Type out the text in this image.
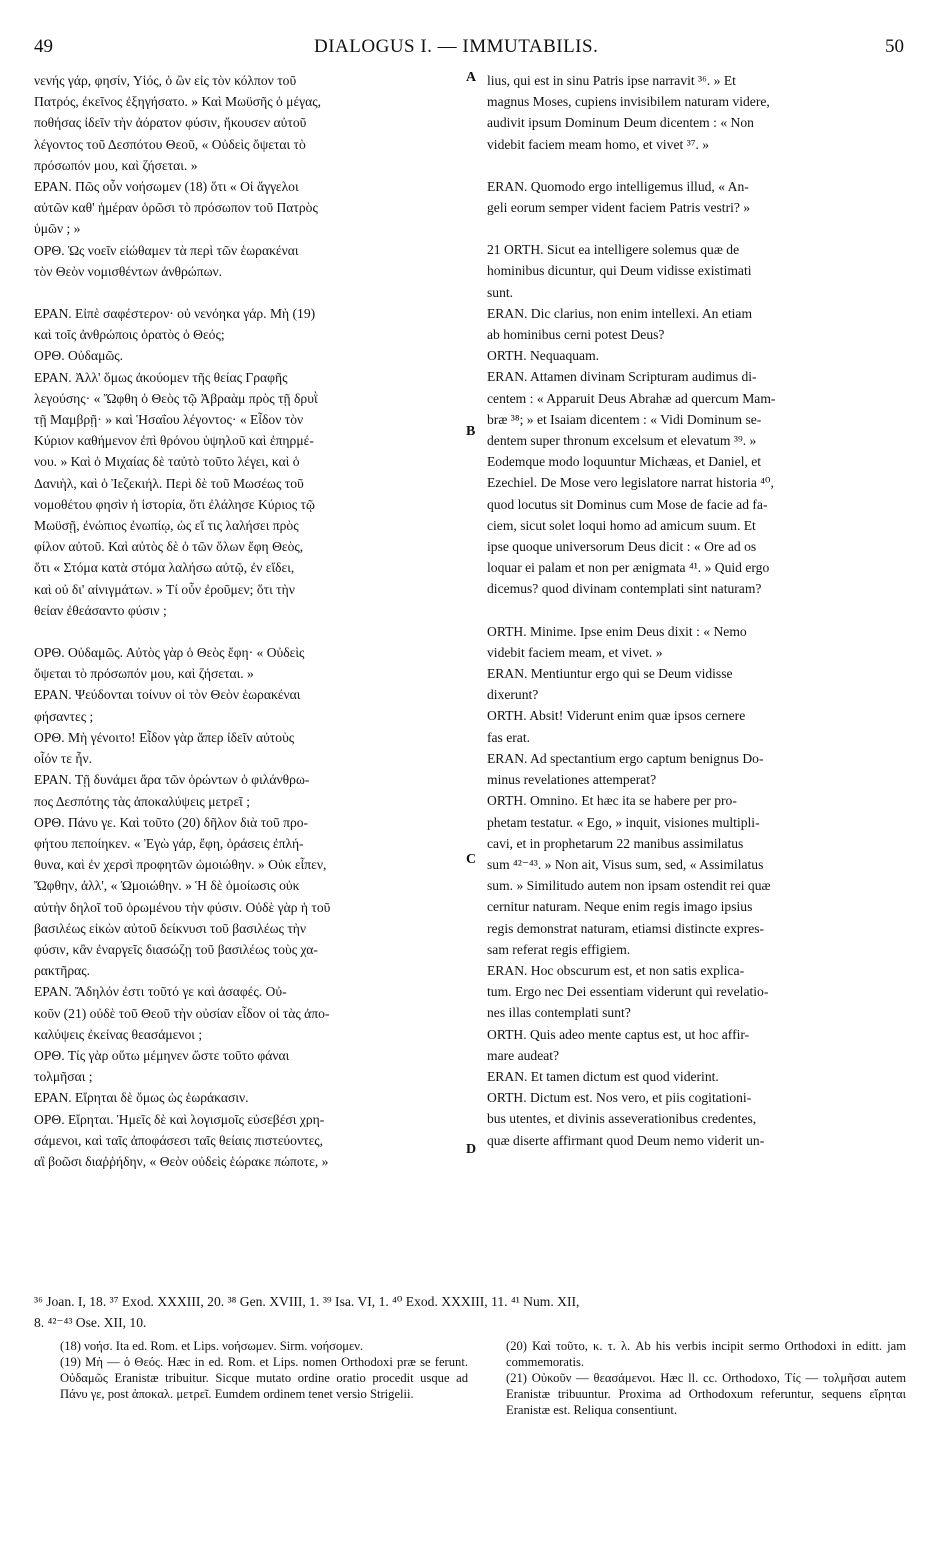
49	DIALOGUS I. — IMMUTABILIS.	50

νενής γάρ, φησίν, Υἱός, ὁ ὢν εἰς τὸν κόλπον τοῦ

Πατρός, ἐκεῖνος ἐξηγήσατο. » Καὶ Μωϋσῆς ὁ μέγας,

ποθήσας ἰδεῖν τὴν ἀόρατον φύσιν, ἤκουσεν αὐτοῦ

λέγοντος τοῦ Δεσπότου Θεοῦ, « Οὐδεὶς ὄψεται τὸ

πρόσωπόν μου, καὶ ζήσεται. »

ΕΡΑΝ. Πῶς οὖν νοήσωμεν (18) ὅτι « Οἱ ἄγγελοι

αὐτῶν καθ' ἡμέραν ὁρῶσι τὸ πρόσωπον τοῦ Πατρὸς

ὑμῶν ; »

ΟΡΘ. Ὡς νοεῖν εἰώθαμεν τὰ περὶ τῶν ἑωρακέναι

τὸν Θεὸν νομισθέντων ἀνθρώπων.

ΕΡΑΝ. Εἰπὲ σαφέστερον· οὐ νενόηκα γάρ. Μὴ (19)

καὶ τοῖς ἀνθρώποις ὁρατὸς ὁ Θεός;

ΟΡΘ. Οὐδαμῶς.

ΕΡΑΝ. Ἀλλ' ὅμως ἀκούομεν τῆς θείας Γραφῆς

λεγούσης· « Ὤφθη ὁ Θεὸς τῷ Ἀβραὰμ πρὸς τῇ δρυῒ

τῇ Μαμβρῇ· » καὶ Ἡσαΐου λέγοντος· « Εἶδον τὸν

Κύριον καθήμενον ἐπὶ θρόνου ὑψηλοῦ καὶ ἐπηρμέ-

νου. » Καὶ ὁ Μιχαίας δὲ ταὐτὸ τοῦτο λέγει, καὶ ὁ

Δανιὴλ, καὶ ὁ Ἰεζεκιήλ. Περὶ δὲ τοῦ Μωσέως τοῦ

νομοθέτου φησὶν ἡ ἱστορία, ὅτι ἐλάλησε Κύριος τῷ

Μωϋσῇ, ἐνώπιος ἐνωπίῳ, ὡς εἴ τις λαλήσει πρὸς

φίλον αὐτοῦ. Καὶ αὐτὸς δὲ ὁ τῶν ὅλων ἔφη Θεὸς,

ὅτι « Στόμα κατὰ στόμα λαλήσω αὐτῷ, ἐν εἴδει,

καὶ οὐ δι' αἰνιγμάτων. » Τί οὖν ἐροῦμεν; ὅτι τὴν

θείαν ἐθεάσαντο φύσιν ;

ΟΡΘ. Οὐδαμῶς. Αὐτὸς γὰρ ὁ Θεὸς ἔφη· « Οὐδεὶς

ὄψεται τὸ πρόσωπόν μου, καὶ ζήσεται. »

ΕΡΑΝ. Ψεύδονται τοίνυν οἱ τὸν Θεὸν ἑωρακέναι

φήσαντες ;

ΟΡΘ. Μὴ γένοιτο! Εἶδον γὰρ ἅπερ ἰδεῖν αὐτοὺς

οἷόν τε ἦν.

ΕΡΑΝ. Τῇ δυνάμει ἄρα τῶν ὁρώντων ὁ φιλάνθρω-

πος Δεσπότης τὰς ἀποκαλύψεις μετρεῖ ;

ΟΡΘ. Πάνυ γε. Καὶ τοῦτο (20) δῆλον διὰ τοῦ προ-

φήτου πεποίηκεν. « Ἐγὼ γάρ, ἔφη, ὁράσεις ἐπλή-

θυνα, καὶ ἐν χερσὶ προφητῶν ὡμοιώθην. » Οὐκ εἶπεν,

Ὤφθην, ἀλλ', « Ὡμοιώθην. » Ἡ δὲ ὁμοίωσις οὐκ

αὐτὴν δηλοῖ τοῦ ὁρωμένου τὴν φύσιν. Οὐδὲ γὰρ ἡ τοῦ

βασιλέως εἰκὼν αὐτοῦ δείκνυσι τοῦ βασιλέως τὴν

φύσιν, κἂν ἐναργεῖς διασώζῃ τοῦ βασιλέως τοὺς χα-

ρακτῆρας.

ΕΡΑΝ. Ἄδηλόν ἐστι τοῦτό γε καὶ ἀσαφές. Οὐ-

κοῦν (21) οὐδὲ τοῦ Θεοῦ τὴν οὐσίαν εἶδον οἱ τὰς ἀπο-

καλύψεις ἐκείνας θεασάμενοι ;

ΟΡΘ. Τίς γὰρ οὕτω μέμηνεν ὥστε τοῦτο φάναι

τολμῆσαι ;

ΕΡΑΝ. Εἴρηται δὲ ὅμως ὡς ἑωράκασιν.

ΟΡΘ. Εἴρηται. Ἡμεῖς δὲ καὶ λογισμοῖς εὐσεβέσι χρη-

σάμενοι, καὶ ταῖς ἀποφάσεσι ταῖς θείαις πιστεύοντες,

αἳ βοῶσι διαῤῥήδην, « Θεὸν οὐδεὶς ἑώρακε πώποτε, »

lius, qui est in sinu Patris ipse narravit ³⁶. » Et

magnus Moses, cupiens invisibilem naturam videre,

audivit ipsum Dominum Deum dicentem : « Non

videbit faciem meam homo, et vivet ³⁷. »

ERAN. Quomodo ergo intelligemus illud, « An-

geli eorum semper vident faciem Patris vestri? »

21 ORTH. Sicut ea intelligere solemus quæ de

hominibus dicuntur, qui Deum vidisse existimati

sunt.

ERAN. Dic clarius, non enim intellexi. An etiam

ab hominibus cerni potest Deus?

ORTH. Nequaquam.

ERAN. Attamen divinam Scripturam audimus di-

centem : « Apparuit Deus Abrahæ ad quercum Mam-

bræ ³⁸; » et Isaiam dicentem : « Vidi Dominum se-

dentem super thronum excelsum et elevatum ³⁹. »

Eodemque modo loquuntur Michæas, et Daniel, et

Ezechiel. De Mose vero legislatore narrat historia ⁴⁰,

quod locutus sit Dominus cum Mose de facie ad fa-

ciem, sicut solet loqui homo ad amicum suum. Et

ipse quoque universorum Deus dicit : « Ore ad os

loquar ei palam et non per ænigmata ⁴¹. » Quid ergo

dicemus? quod divinam contemplati sint naturam?

ORTH. Minime. Ipse enim Deus dixit : « Nemo

videbit faciem meam, et vivet. »

ERAN. Mentiuntur ergo qui se Deum vidisse

dixerunt?

ORTH. Absit! Viderunt enim quæ ipsos cernere

fas erat.

ERAN. Ad spectantium ergo captum benignus Do-

minus revelationes attemperat?

ORTH. Omnino. Et hæc ita se habere per pro-

phetam testatur. « Ego, » inquit, visiones multipli-

cavi, et in prophetarum 22 manibus assimilatus

sum ⁴²⁻⁴³. » Non ait, Visus sum, sed, « Assimilatus

sum. » Similitudo autem non ipsam ostendit rei quæ

cernitur naturam. Neque enim regis imago ipsius

regis demonstrat naturam, etiamsi distincte expres-

sam referat regis effigiem.

ERAN. Hoc obscurum est, et non satis explica-

tum. Ergo nec Dei essentiam viderunt qui revelatio-

nes illas contemplati sunt?

ORTH. Quis adeo mente captus est, ut hoc affir-

mare audeat?

ERAN. Et tamen dictum est quod viderint.

ORTH. Dictum est. Nos vero, et piis cogitationi-

bus utentes, et divinis asseverationibus credentes,

quæ diserte affirmant quod Deum nemo viderit un-

A
B
C
D

³⁶ Joan. I, 18. ³⁷ Exod. XXXIII, 20. ³⁸ Gen. XVIII, 1. ³⁹ Isa. VI, 1. ⁴⁰ Exod. XXXIII, 11. ⁴¹ Num. XII,

8. ⁴²⁻⁴³ Ose. XII, 10.

(18) νοήσ. Ita ed. Rom. et Lips. νοήσωμεν. Sirm. νοήσομεν.

(19) Μὴ — ὁ Θεός. Hæc in ed. Rom. et Lips. nomen Orthodoxi præ se ferunt. Οὐδαμῶς Eranistæ tribuitur. Sicque mutato ordine oratio procedit usque ad Πάνυ γε, post ἀποκαλ. μετρεῖ. Eumdem ordinem tenet versio Strigelii.

(20) Καὶ τοῦτο, κ. τ. λ. Ab his verbis incipit sermo Orthodoxi in editt. jam commemoratis.

(21) Οὐκοῦν — θεασάμενοι. Hæc ll. cc. Orthodoxo, Τίς — τολμῆσαι autem Eranistæ tribuuntur. Proxima ad Orthodoxum referuntur, sequens εἴρηται Eranistæ est. Reliqua consentiunt.
